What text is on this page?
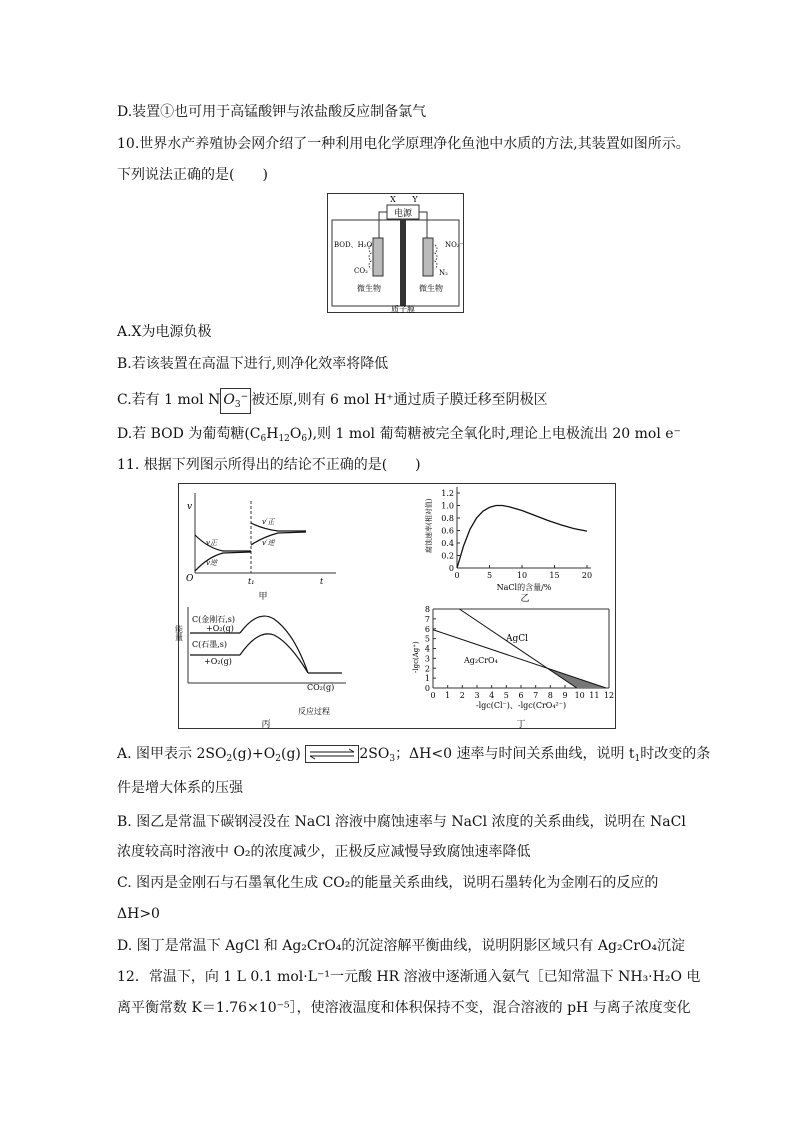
D.装置①也可用于高锰酸钾与浓盐酸反应制备氯气
10.世界水产养殖协会网介绍了一种利用电化学原理净化鱼池中水质的方法,其装置如图所示。
下列说法正确的是(　　)
电源
X Y
BOD、H₂O
CO₂
NO₃⁻
N₂
微生物	微生物
质子膜
A.X为电源负极
B.若该装置在高温下进行,则净化效率将降低
C.若有 1 mol N $O_3^-$ 被还原,则有 6 mol H⁺通过质子膜迁移至阴极区
D.若 BOD 为葡萄糖$(C_6H_{12}O_6)$,则 1 mol 葡萄糖被完全氧化时,理论上电极流出 20 mol e⁻
11. 根据下列图示所得出的结论不正确的是(　　)
v
O	t₁	t
v正
v逆
v′正
v′逆
甲
0
0.2
0.4
0.6
0.8
1.0
1.2
0	5	10	15	20
腐蚀速率(相对值)
NaCl的含量/%
乙
能量
C(金刚石,s)
+O₂(g)
C(石墨,s)
+O₂(g)
CO₂(g)
反应过程
丙
0
1
2
3
4
5
6
7
8
0 1 2 3 4 5 6 7 8 9 10 11 12
AgCl
Ag₂CrO₄
-lgc(Ag⁺)
-lgc(Cl⁻)、-lgc(CrO₄²⁻)
丁
A. 图甲表示 $2SO_2(g)+O_2(g)$	$2SO_3$；ΔH<0 速率与时间关系曲线，说明 $t_1$时改变的条
件是增大体系的压强
B. 图乙是常温下碳钢浸没在 NaCl 溶液中腐蚀速率与 NaCl 浓度的关系曲线，说明在 NaCl
浓度较高时溶液中 O₂的浓度减少，正极反应减慢导致腐蚀速率降低
C. 图丙是金刚石与石墨氧化生成 CO₂的能量关系曲线，说明石墨转化为金刚石的反应的
ΔH>0
D. 图丁是常温下 AgCl 和 Ag₂CrO₄的沉淀溶解平衡曲线，说明阴影区域只有 Ag₂CrO₄沉淀
12．常温下，向 1 L 0.1 mol·L⁻¹一元酸 HR 溶液中逐渐通入氨气［已知常温下 NH₃·H₂O 电
离平衡常数 K＝1.76×10⁻⁵］，使溶液温度和体积保持不变，混合溶液的 pH 与离子浓度变化
